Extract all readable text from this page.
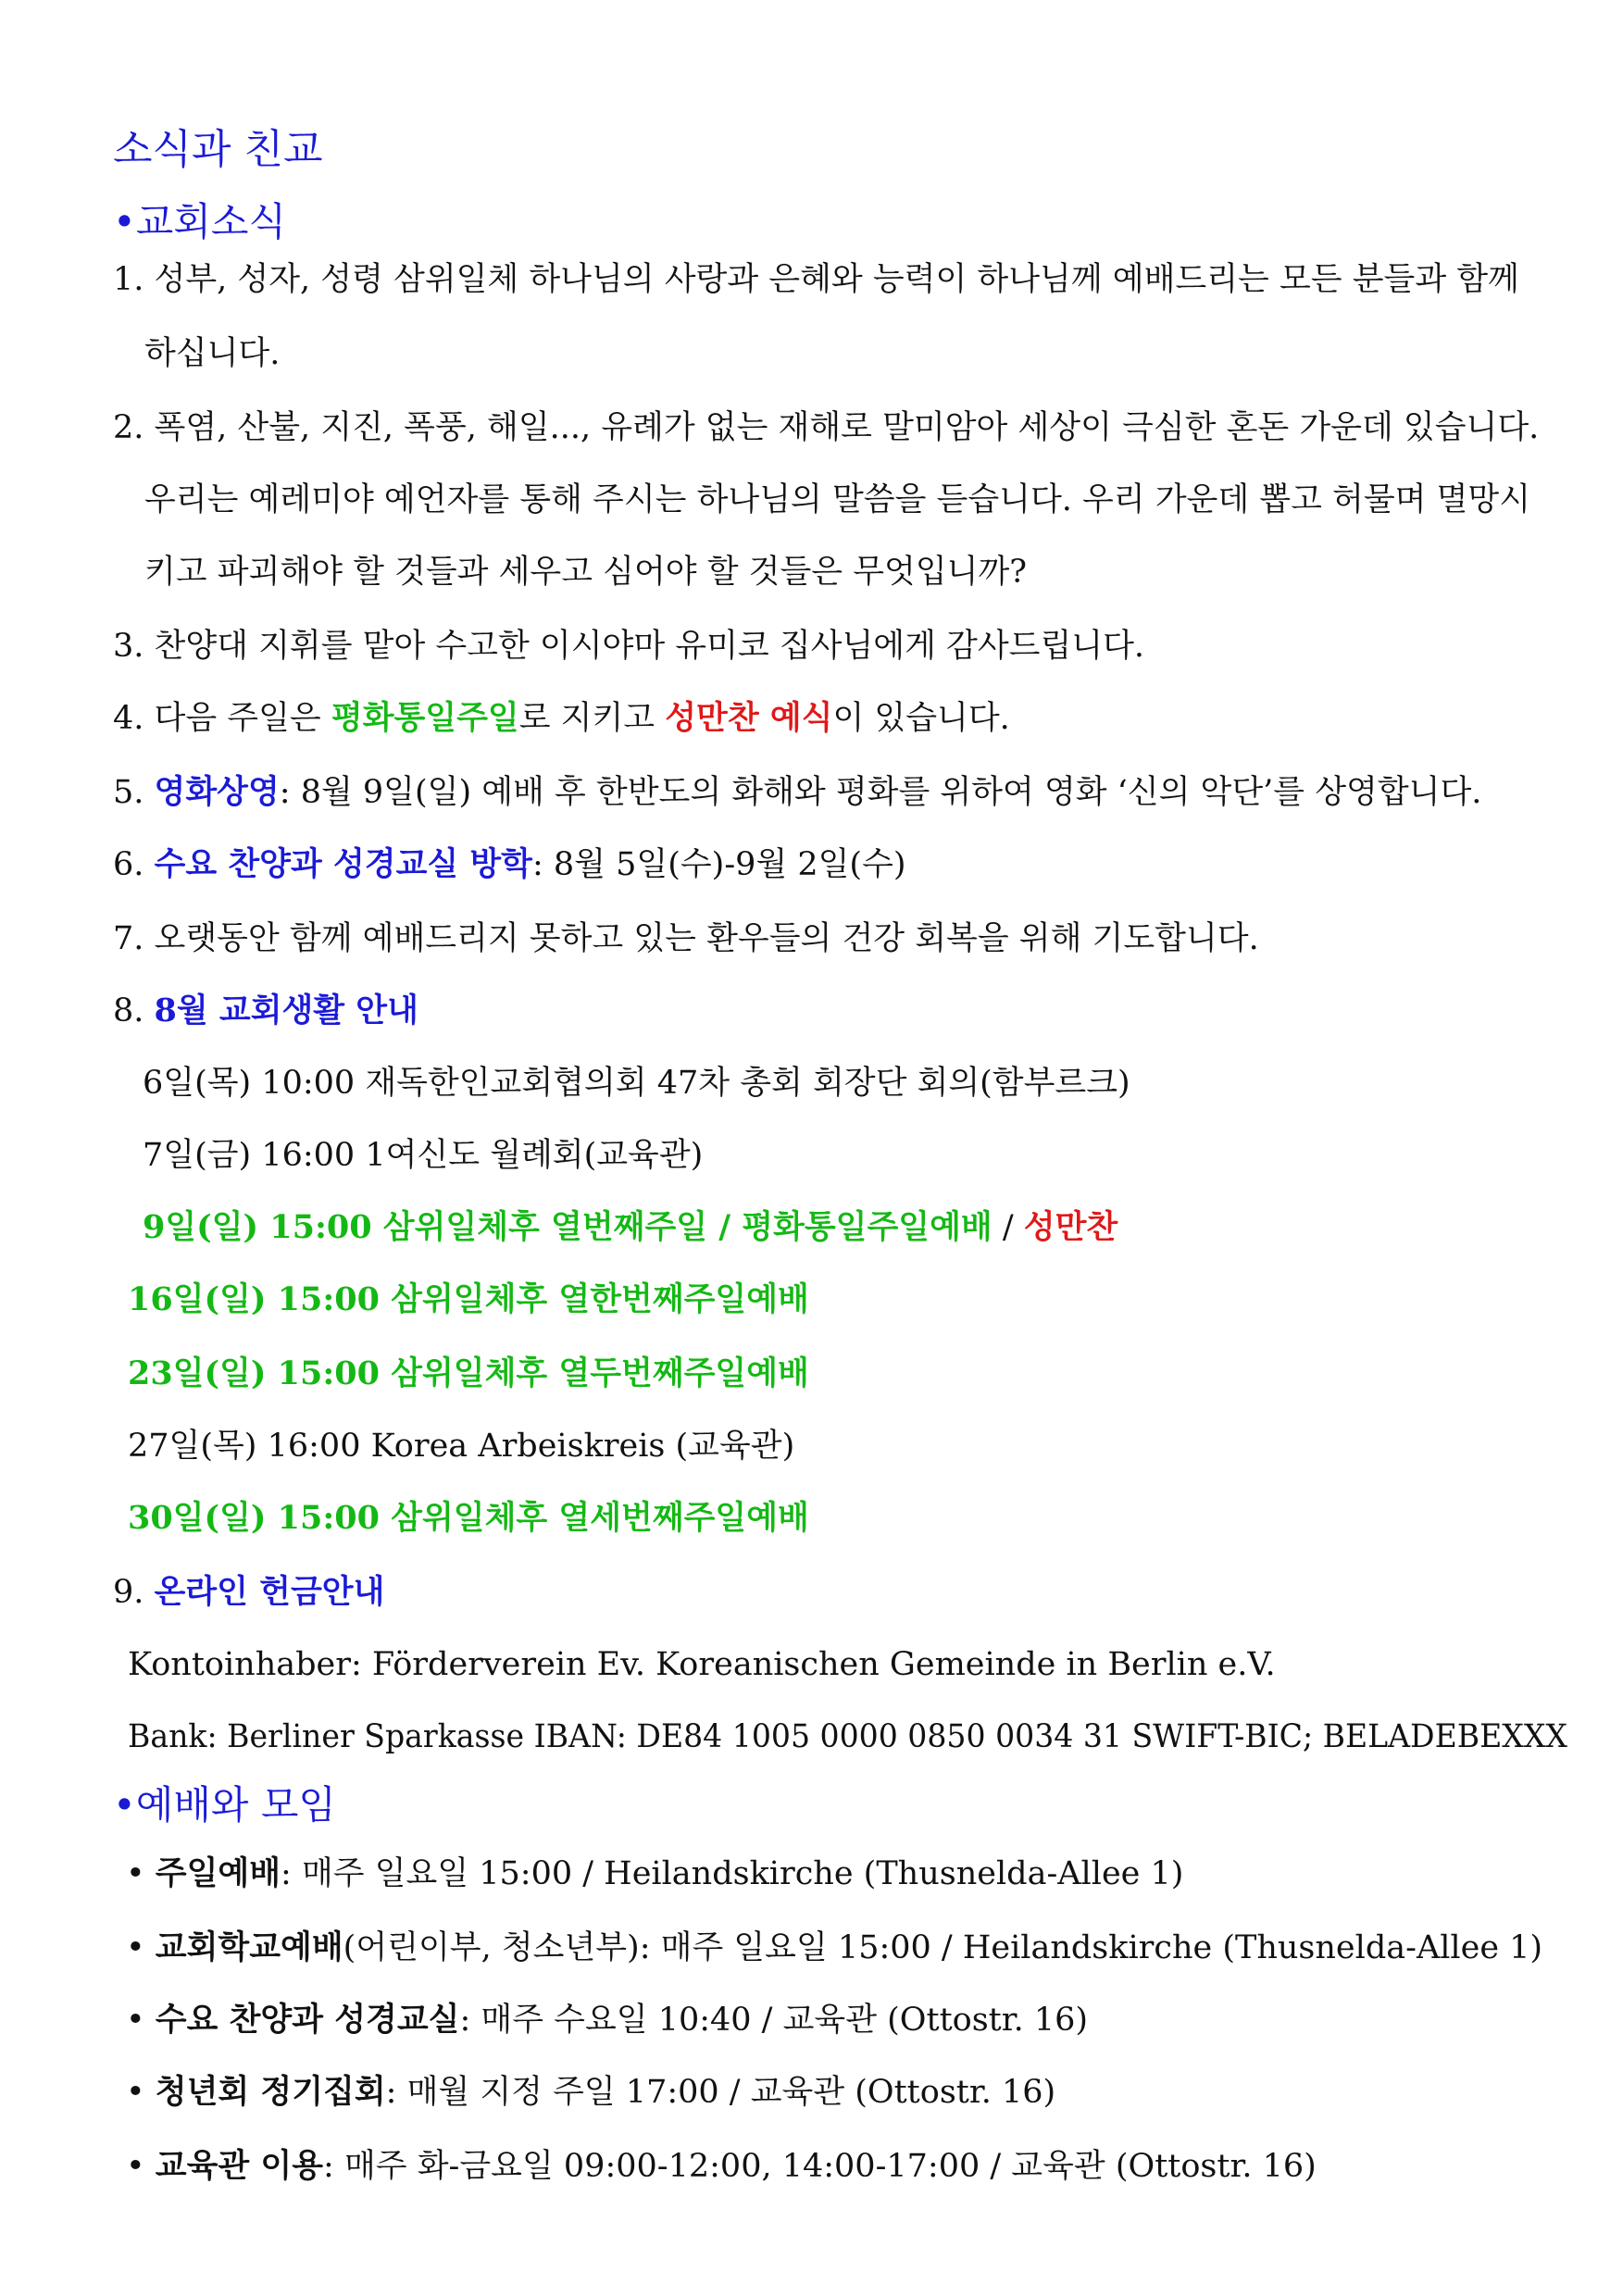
소식과 친교
•교회소식
1. 성부, 성자, 성령 삼위일체 하나님의 사랑과 은혜와 능력이 하나님께 예배드리는 모든 분들과 함께
하십니다.
2. 폭염, 산불, 지진, 폭풍, 해일..., 유례가 없는 재해로 말미암아 세상이 극심한 혼돈 가운데 있습니다.
우리는 예레미야 예언자를 통해 주시는 하나님의 말씀을 듣습니다. 우리 가운데 뽑고 허물며 멸망시
키고 파괴해야 할 것들과 세우고 심어야 할 것들은 무엇입니까?
3. 찬양대 지휘를 맡아 수고한 이시야마 유미코 집사님에게 감사드립니다.
4. 다음 주일은 평화통일주일로 지키고 성만찬 예식이 있습니다.
5. 영화상영: 8월 9일(일) 예배 후 한반도의 화해와 평화를 위하여 영화 ‘신의 악단’를 상영합니다.
6. 수요 찬양과 성경교실 방학: 8월 5일(수)-9월 2일(수)
7. 오랫동안 함께 예배드리지 못하고 있는 환우들의 건강 회복을 위해 기도합니다.
8. 8월 교회생활 안내
6일(목) 10:00 재독한인교회협의회 47차 총회 회장단 회의(함부르크)
7일(금) 16:00 1여신도 월례회(교육관)
9일(일) 15:00 삼위일체후 열번째주일 / 평화통일주일예배 / 성만찬
16일(일) 15:00 삼위일체후 열한번째주일예배
23일(일) 15:00 삼위일체후 열두번째주일예배
27일(목) 16:00 Korea Arbeiskreis (교육관)
30일(일) 15:00 삼위일체후 열세번째주일예배
9. 온라인 헌금안내
Kontoinhaber: Förderverein Ev. Koreanischen Gemeinde in Berlin e.V.
Bank: Berliner Sparkasse IBAN: DE84 1005 0000 0850 0034 31 SWIFT-BIC; BELADEBEXXX
•예배와 모임
• 주일예배: 매주 일요일 15:00 / Heilandskirche (Thusnelda-Allee 1)
• 교회학교예배(어린이부, 청소년부): 매주 일요일 15:00 / Heilandskirche (Thusnelda-Allee 1)
• 수요 찬양과 성경교실: 매주 수요일 10:40 / 교육관 (Ottostr. 16)
• 청년회 정기집회: 매월 지정 주일 17:00 / 교육관 (Ottostr. 16)
• 교육관 이용: 매주 화-금요일 09:00-12:00, 14:00-17:00 / 교육관 (Ottostr. 16)
